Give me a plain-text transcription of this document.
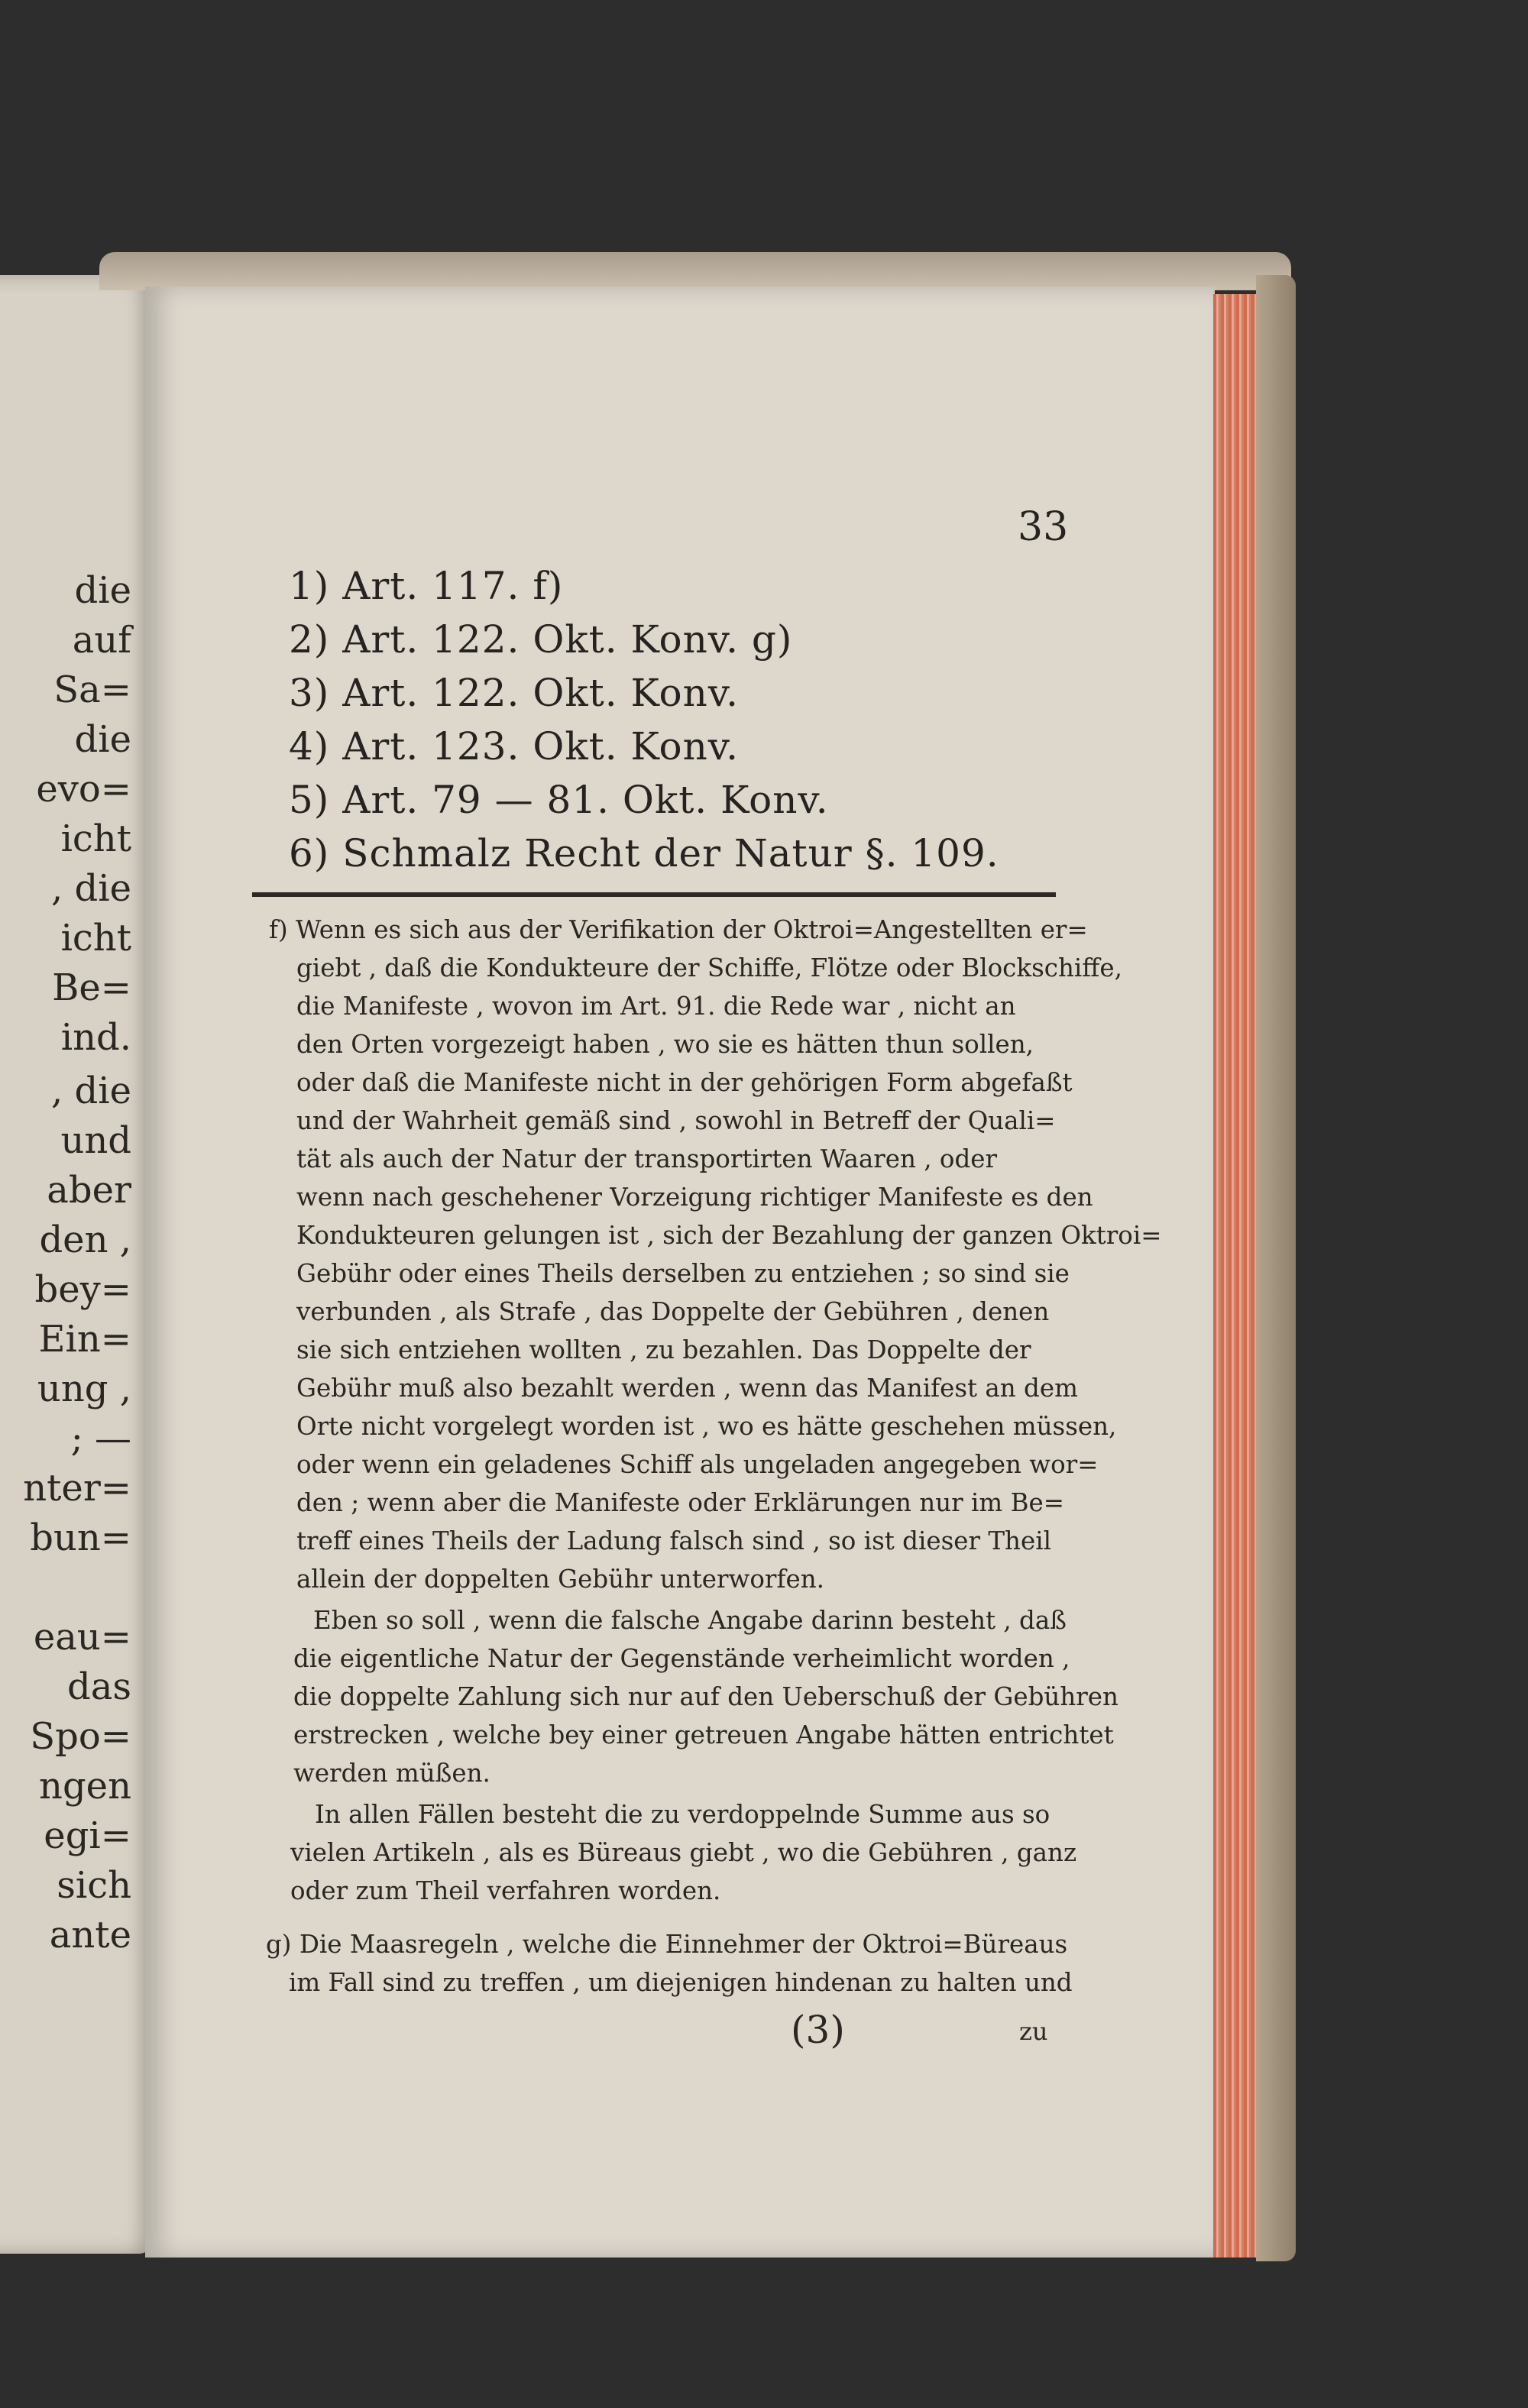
die
auf
Sa=
die
evo=
icht
, die
icht
Be=
ind.
, die
und
aber
den ,
bey=
Ein=
ung ,
; —
nter=
bun=
eau=
das
Spo=
ngen
egi=
sich
ante
33
1) Art. 117. f)
2) Art. 122. Okt. Konv. g)
3) Art. 122. Okt. Konv.
4) Art. 123. Okt. Konv.
5) Art. 79 — 81. Okt. Konv.
6) Schmalz Recht der Natur §. 109.
f) Wenn es sich aus der Verifikation der Oktroi=Angestellten er=
giebt , daß die Kondukteure der Schiffe, Flötze oder Blockschiffe,
die Manifeste , wovon im Art. 91. die Rede war , nicht an
den Orten vorgezeigt haben , wo sie es hätten thun sollen,
oder daß die Manifeste nicht in der gehörigen Form abgefaßt
und der Wahrheit gemäß sind , sowohl in Betreff der Quali=
tät als auch der Natur der transportirten Waaren , oder
wenn nach geschehener Vorzeigung richtiger Manifeste es den
Kondukteuren gelungen ist , sich der Bezahlung der ganzen Oktroi=
Gebühr oder eines Theils derselben zu entziehen ; so sind sie
verbunden , als Strafe , das Doppelte der Gebühren , denen
sie sich entziehen wollten , zu bezahlen. Das Doppelte der
Gebühr muß also bezahlt werden , wenn das Manifest an dem
Orte nicht vorgelegt worden ist , wo es hätte geschehen müssen,
oder wenn ein geladenes Schiff als ungeladen angegeben wor=
den ; wenn aber die Manifeste oder Erklärungen nur im Be=
treff eines Theils der Ladung falsch sind , so ist dieser Theil
allein der doppelten Gebühr unterworfen.
Eben so soll , wenn die falsche Angabe darinn besteht , daß
die eigentliche Natur der Gegenstände verheimlicht worden ,
die doppelte Zahlung sich nur auf den Ueberschuß der Gebühren
erstrecken , welche bey einer getreuen Angabe hätten entrichtet
werden müßen.
In allen Fällen besteht die zu verdoppelnde Summe aus so
vielen Artikeln , als es Büreaus giebt , wo die Gebühren , ganz
oder zum Theil verfahren worden.
g) Die Maasregeln , welche die Einnehmer der Oktroi=Büreaus
im Fall sind zu treffen , um diejenigen hindenan zu halten und
(3)	zu
